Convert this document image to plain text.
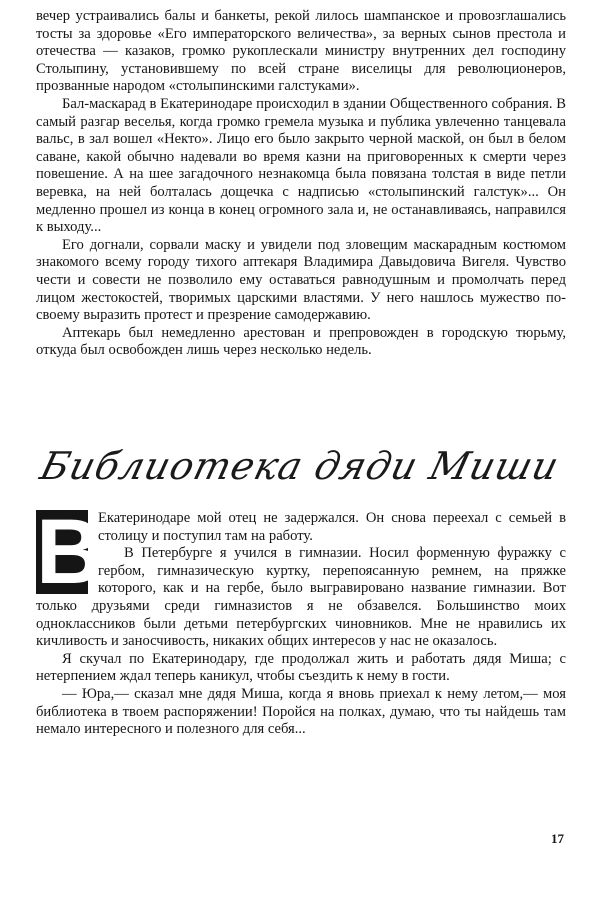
вечер устраивались балы и банкеты, рекой лилось шампанское и провозглашались тосты за здоровье «Его императорского величества», за верных сынов престола и отечества — казаков, громко рукоплескали министру внутренних дел господину Столыпину, установившему по всей стране виселицы для революционеров, прозванные народом «столыпинскими галстуками».

Бал-маскарад в Екатеринодаре происходил в здании Общественного собрания. В самый разгар веселья, когда громко гремела музыка и публика увлеченно танцевала вальс, в зал вошел «Некто». Лицо его было закрыто черной маской, он был в белом саване, какой обычно надевали во время казни на приговоренных к смерти через повешение. А на шее загадочного незнакомца была повязана толстая в виде петли веревка, на ней болталась дощечка с надписью «столыпинский галстук»... Он медленно прошел из конца в конец огромного зала и, не останавливаясь, направился к выходу...

Его догнали, сорвали маску и увидели под зловещим маскарадным костюмом знакомого всему городу тихого аптекаря Владимира Давыдовича Вигеля. Чувство чести и совести не позволило ему оставаться равнодушным и промолчать перед лицом жестокостей, творимых царскими властями. У него нашлось мужество по-своему выразить протест и презрение самодержавию.

Аптекарь был немедленно арестован и препровожден в городскую тюрьму, откуда был освобожден лишь через несколько недель.

Библиотека дяди Миши

В
Екатеринодаре мой отец не задержался. Он снова переехал с семьей в столицу и поступил там на работу.

В Петербурге я учился в гимназии. Носил форменную фуражку с гербом, гимназическую куртку, перепоясанную ремнем, на пряжке которого, как и на гербе, было выгравировано название гимназии. Вот только друзьями среди гимназистов я не обзавелся. Большинство моих одноклассников были детьми петербургских чиновников. Мне не нравились их кичливость и заносчивость, никаких общих интересов у нас не оказалось.

Я скучал по Екатеринодару, где продолжал жить и работать дядя Миша; с нетерпением ждал теперь каникул, чтобы съездить к нему в гости.

— Юра,— сказал мне дядя Миша, когда я вновь приехал к нему летом,— моя библиотека в твоем распоряжении! Поройся на полках, думаю, что ты найдешь там немало интересного и полезного для себя...

17
